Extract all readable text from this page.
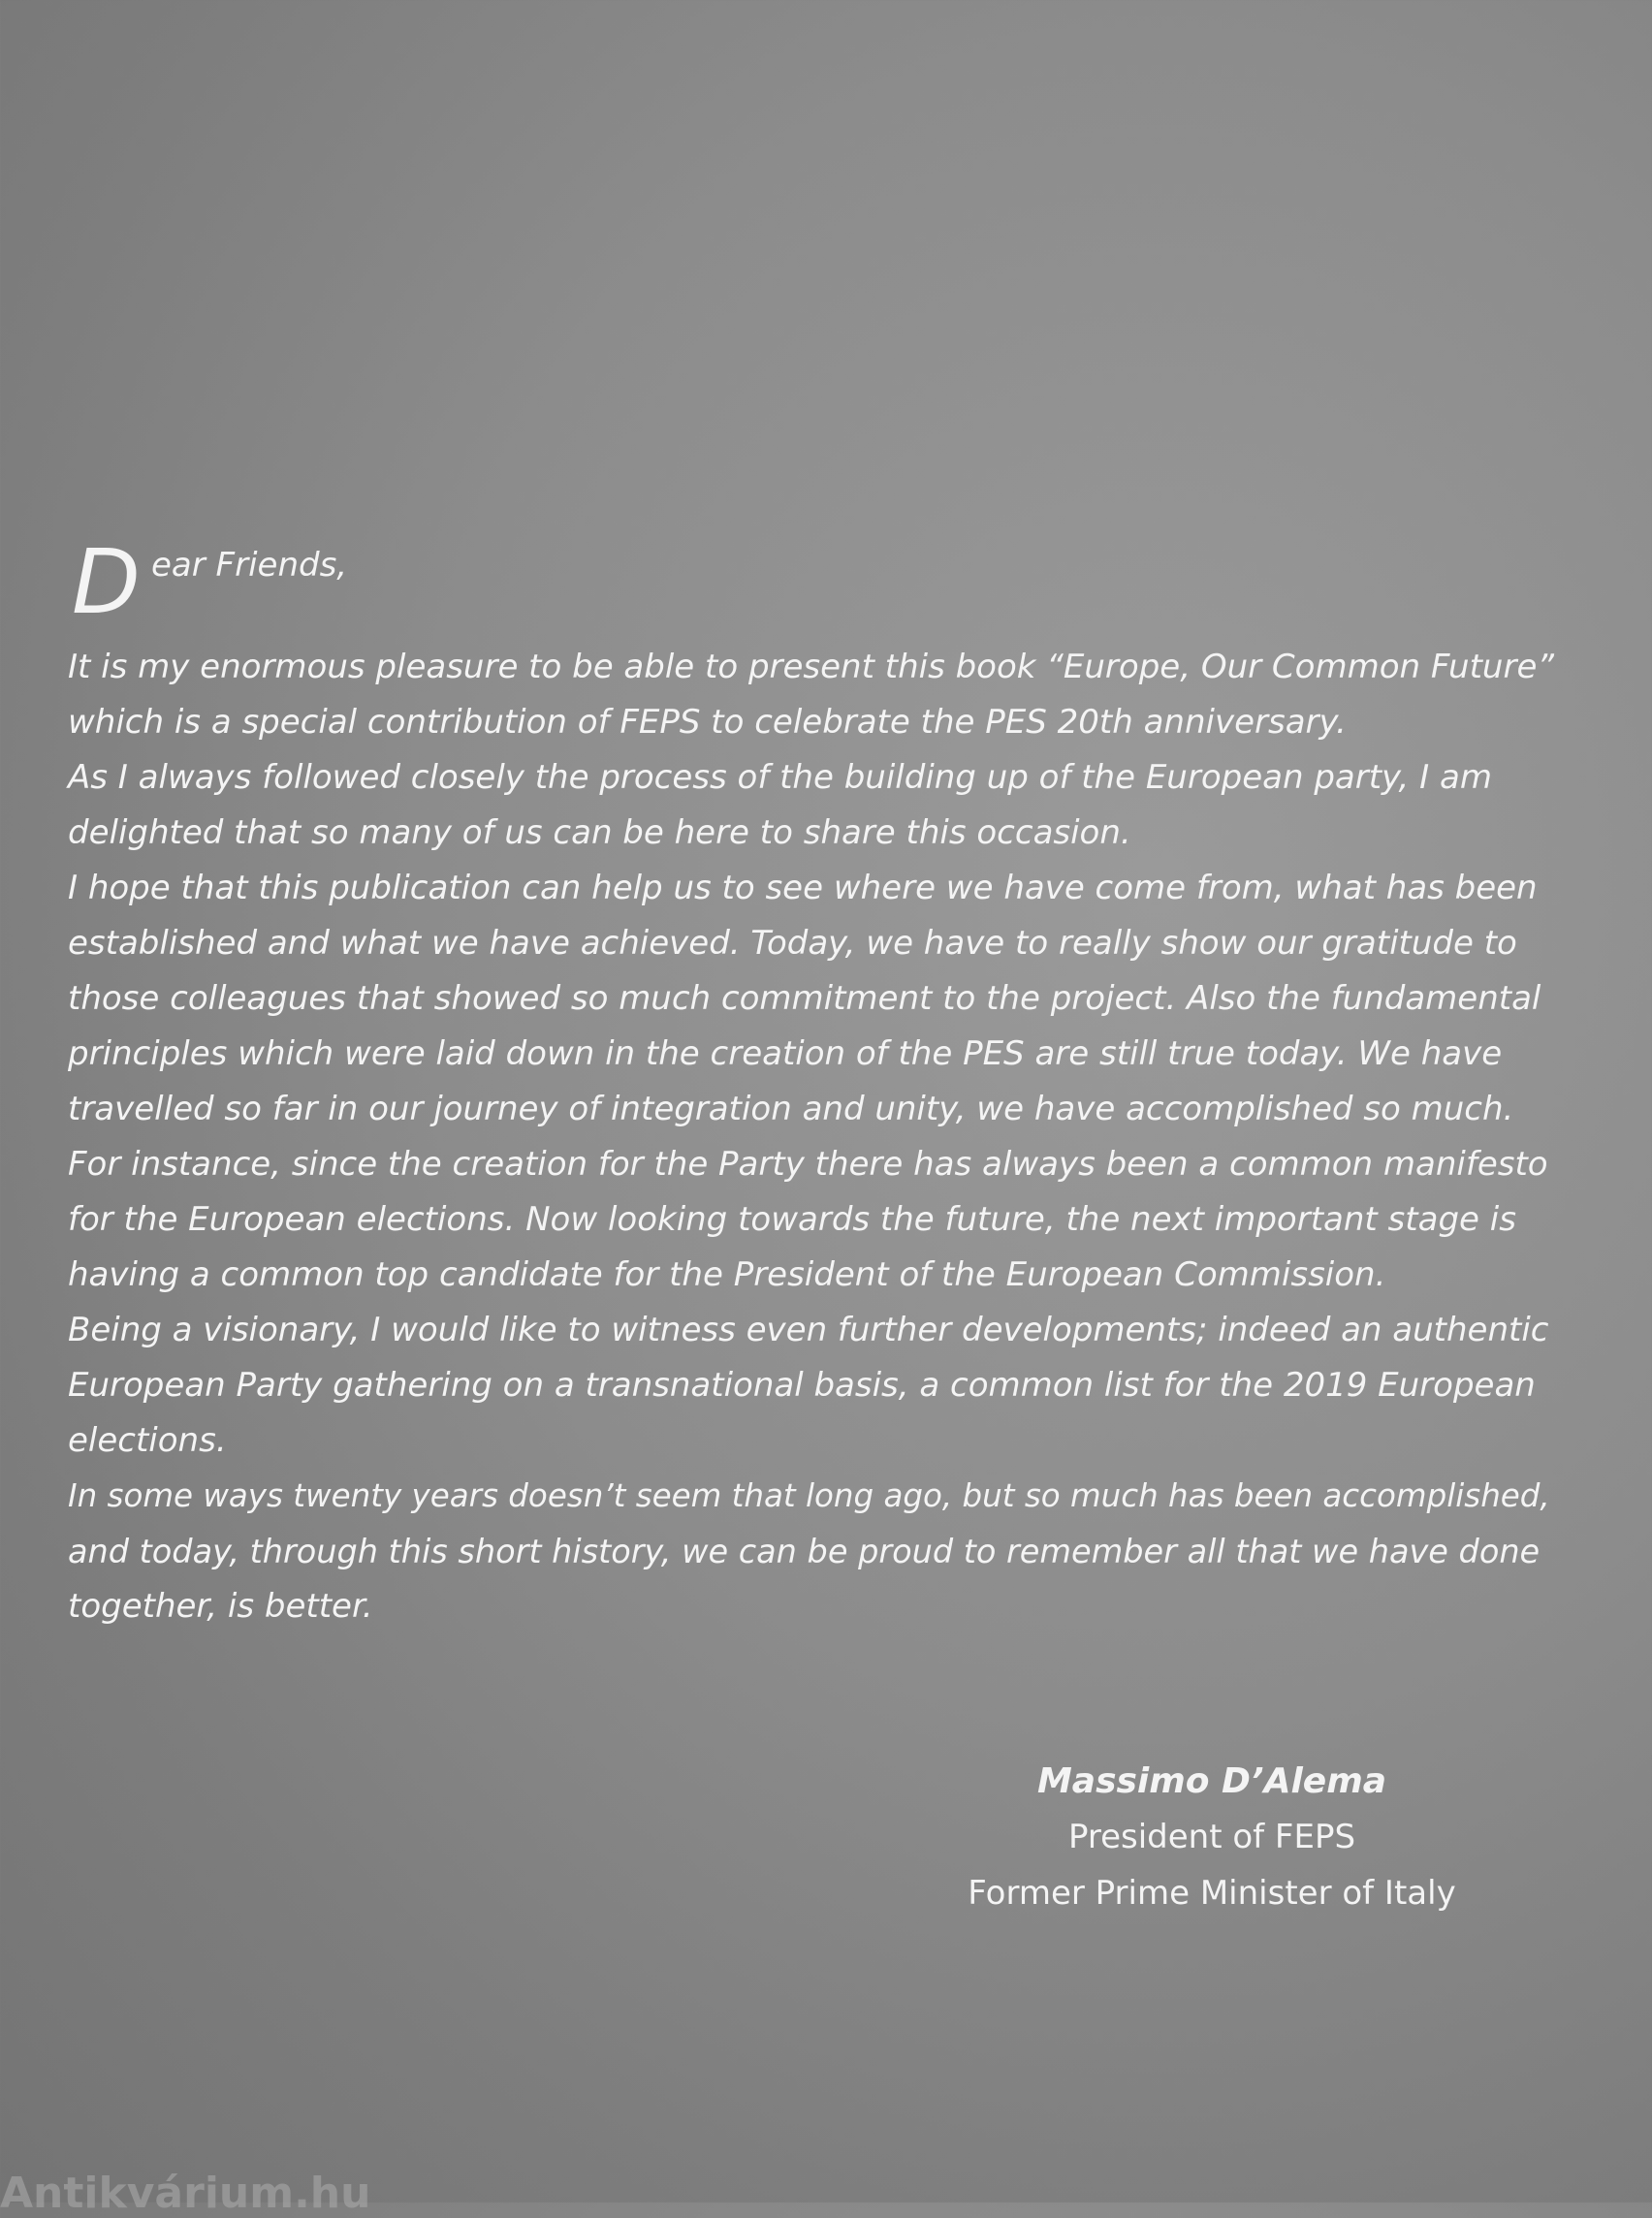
D ear Friends,
It is my enormous pleasure to be able to present this book “Europe, Our Common Future”
which is a special contribution of FEPS to celebrate the PES 20th anniversary.
As I always followed closely the process of the building up of the European party, I am
delighted that so many of us can be here to share this occasion.
I hope that this publication can help us to see where we have come from, what has been
established and what we have achieved. Today, we have to really show our gratitude to
those colleagues that showed so much commitment to the project. Also the fundamental
principles which were laid down in the creation of the PES are still true today. We have
travelled so far in our journey of integration and unity, we have accomplished so much.
For instance, since the creation for the Party there has always been a common manifesto
for the European elections. Now looking towards the future, the next important stage is
having a common top candidate for the President of the European Commission.
Being a visionary, I would like to witness even further developments; indeed an authentic
European Party gathering on a transnational basis, a common list for the 2019 European
elections.
In some ways twenty years doesn’t seem that long ago, but so much has been accomplished,
and today, through this short history, we can be proud to remember all that we have done
together, is better.
Massimo D’Alema
President of FEPS
Former Prime Minister of Italy
Antikvárium.hu
